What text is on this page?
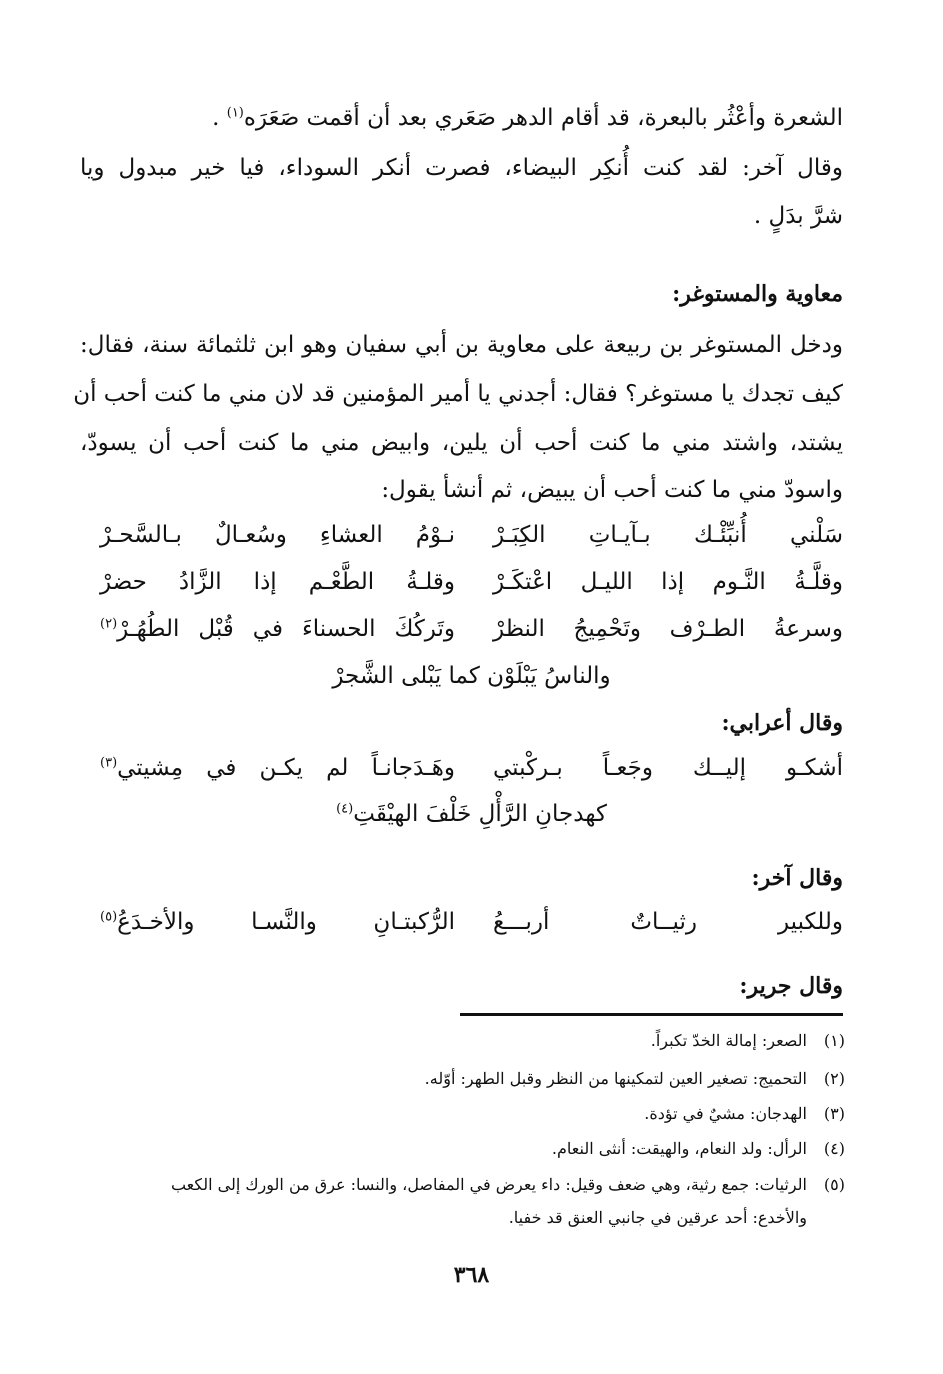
الشعرة وأعْثُر بالبعرة، قد أقام الدهر صَعَري بعد أن أقمت صَعَرَه$^{(١)}$ .
وقال آخر: لقد كنت أُنكِر البيضاء، فصرت أنكر السوداء، فيا خير مبدول ويا
شرَّ بدَلٍ .
معاوية والمستوغر:
ودخل المستوغر بن ربيعة على معاوية بن أبي سفيان وهو ابن ثلثمائة سنة، فقال:
كيف تجدك يا مستوغر؟ فقال: أجدني يا أمير المؤمنين قد لان مني ما كنت أحب أن
يشتد، واشتد مني ما كنت أحب أن يلين، وابيض مني ما كنت أحب أن يسودّ،
واسودّ مني ما كنت أحب أن يبيض، ثم أنشأ يقول:
سَلْني أُنبِّئْـك بـآيـاتِ الكِبَـرْ
نـوْمُ العشاءِ وسُعـالٌ بـالسَّحـرْ
وقلَّـةُ النَّـوم إذا الليـل اعْتكَـرْ
وقلـةُ الطَّعْـم إذا الزَّادُ حضرْ
وسرعةُ الطـرْف وتَحْمِيجُ النظرْ
وتَركُكَ الحسناءَ في قُبْل الطُهُـرْ$^{(٢)}$
والناسُ يَبْلَوْن كما يَبْلى الشَّجرْ
وقال أعرابي:
أشكـو إليــك وجَعـاً بـركْبتي
وهَـدَجانـاً لم يكـن في مِشيتي$^{(٣)}$
كهدجانِ الرَّأْلِ خَلْفَ الهيْقَتِ$^{(٤)}$
وقال آخر:
وللكبير رثيــاتٌ أربـــعُ
الرُّكبتـانِ والنَّسـا والأخـدَعُ$^{(٥)}$
وقال جرير:
(١)الصعر: إمالة الخدّ تكبراً.
(٢)التحميج: تصغير العين لتمكينها من النظر وقبل الطهر: أوّله.
(٣)الهدجان: مشيٌ في تؤدة.
(٤)الرأل: ولد النعام، والهيقت: أنثى النعام.
(٥)الرثيات: جمع رثية، وهي ضعف وقيل: داء يعرض في المفاصل، والنسا: عرق من الورك إلى الكعب
والأخدع: أحد عرقين في جانبي العنق قد خفيا.
٣٦٨
